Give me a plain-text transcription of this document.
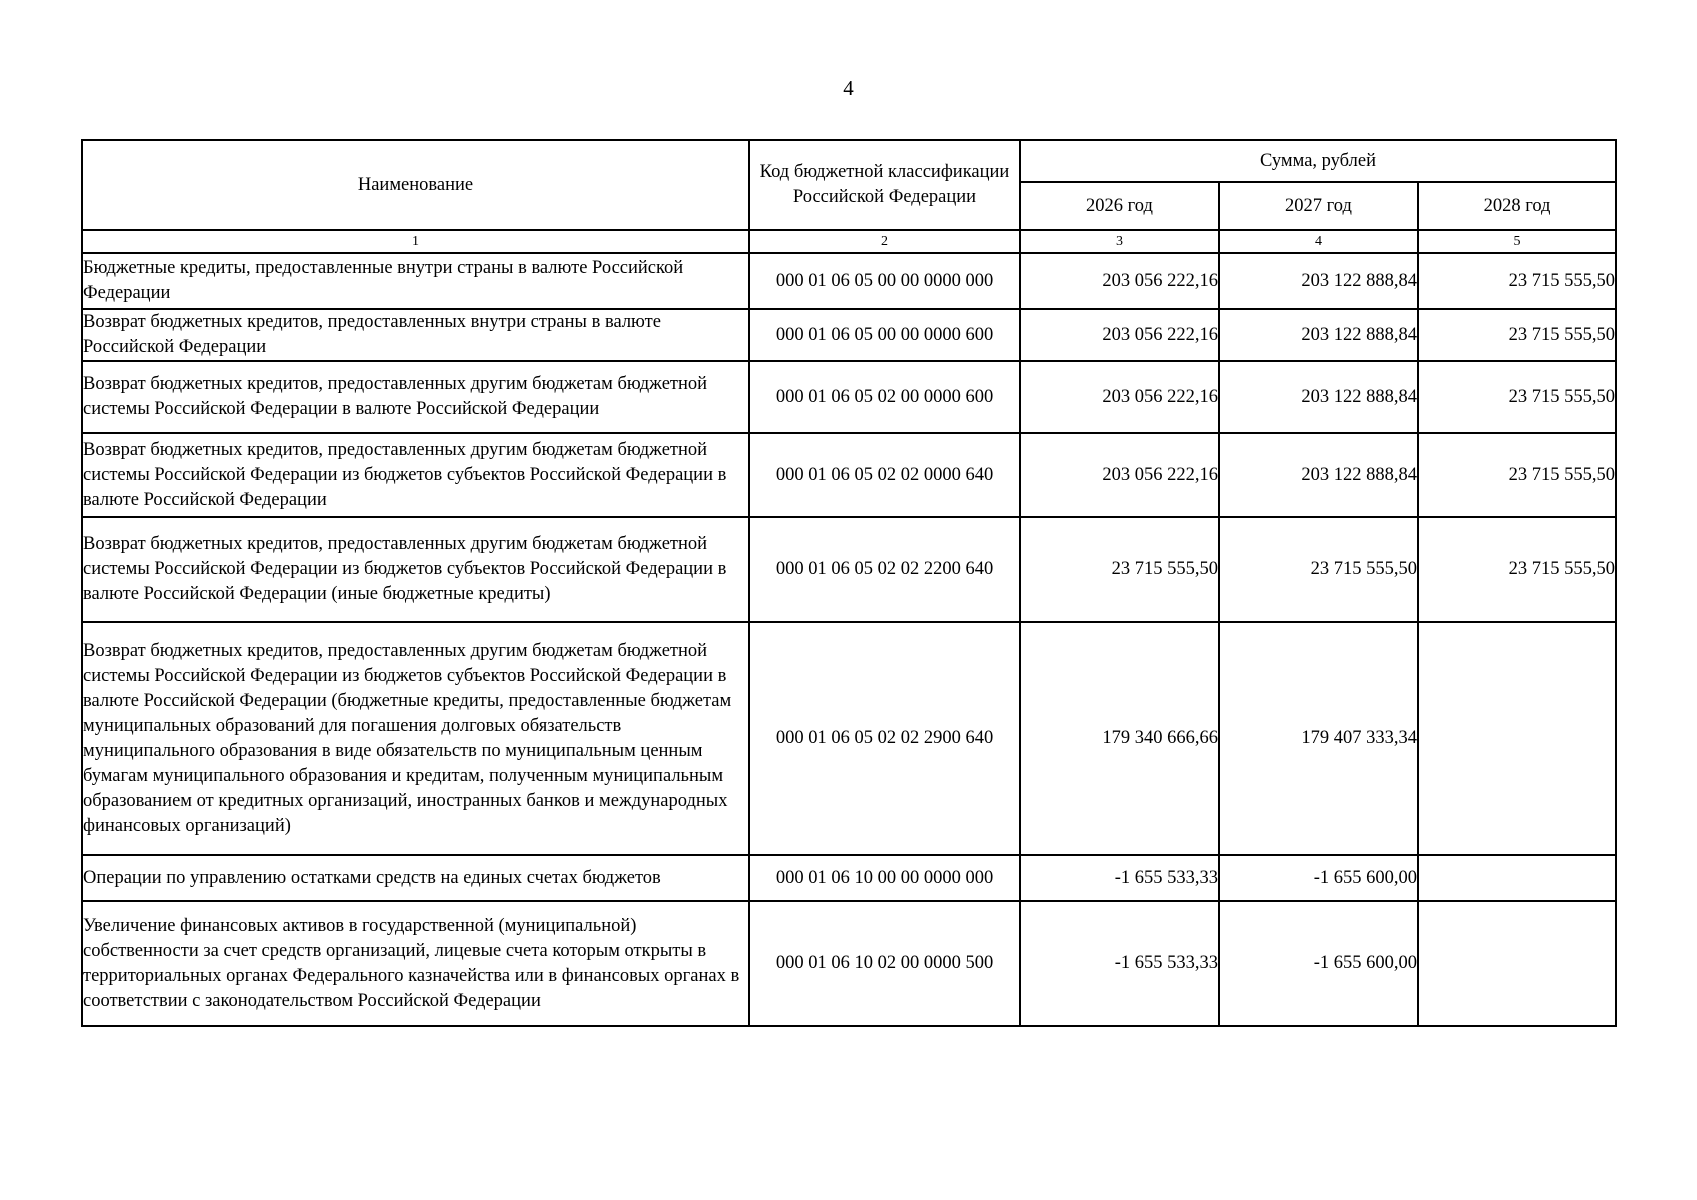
4
Наименование	Код бюджетной классификации Российской Федерации	Сумма, рублей		
		2026 год	2027 год	2028 год
1	2	3	4	5
Бюджетные кредиты, предоставленные внутри страны в валюте Российской Федерации	000 01 06 05 00 00 0000 000	203 056 222,16	203 122 888,84	23 715 555,50
Возврат бюджетных кредитов, предоставленных внутри страны в валюте Российской Федерации	000 01 06 05 00 00 0000 600	203 056 222,16	203 122 888,84	23 715 555,50
Возврат бюджетных кредитов, предоставленных другим бюджетам бюджетной системы Российской Федерации в валюте Российской Федерации	000 01 06 05 02 00 0000 600	203 056 222,16	203 122 888,84	23 715 555,50
Возврат бюджетных кредитов, предоставленных другим бюджетам бюджетной системы Российской Федерации из бюджетов субъектов Российской Федерации в валюте Российской Федерации	000 01 06 05 02 02 0000 640	203 056 222,16	203 122 888,84	23 715 555,50
Возврат бюджетных кредитов, предоставленных другим бюджетам бюджетной системы Российской Федерации из бюджетов субъектов Российской Федерации в валюте Российской Федерации (иные бюджетные кредиты)	000 01 06 05 02 02 2200 640	23 715 555,50	23 715 555,50	23 715 555,50
Возврат бюджетных кредитов, предоставленных другим бюджетам бюджетной системы Российской Федерации из бюджетов субъектов Российской Федерации в валюте Российской Федерации (бюджетные кредиты, предоставленные бюджетам муниципальных образований для погашения долговых обязательств муниципального образования в виде обязательств по муниципальным ценным бумагам муниципального образования и кредитам, полученным муниципальным образованием от кредитных организаций, иностранных банков и международных финансовых организаций)	000 01 06 05 02 02 2900 640	179 340 666,66	179 407 333,34	
Операции по управлению остатками средств на единых счетах бюджетов	000 01 06 10 00 00 0000 000	-1 655 533,33	-1 655 600,00	
Увеличение финансовых активов в государственной (муниципальной) собственности за счет средств организаций, лицевые счета которым открыты в территориальных органах Федерального казначейства или в финансовых органах в соответствии с законодательством Российской Федерации	000 01 06 10 02 00 0000 500	-1 655 533,33	-1 655 600,00	
